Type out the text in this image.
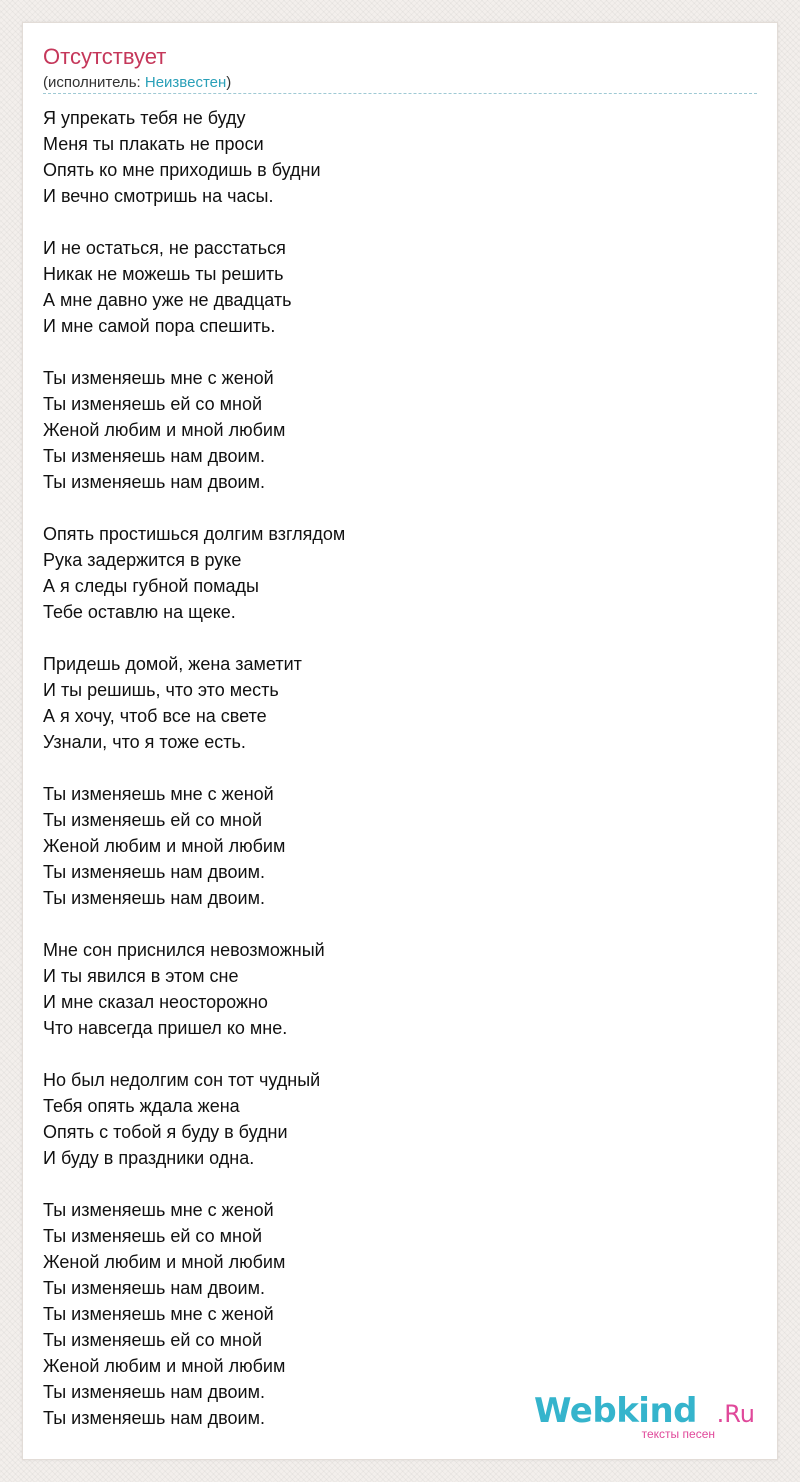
Отсутствует
(исполнитель: Неизвестен)
Я упрекать тебя не буду
Меня ты плакать не проси
Опять ко мне приходишь в будни
И вечно смотришь на часы.
И не остаться, не расстаться
Никак не можешь ты решить
А мне давно уже не двадцать
И мне самой пора спешить.
Ты изменяешь мне с женой
Ты изменяешь ей со мной
Женой любим и мной любим
Ты изменяешь нам двоим.
Ты изменяешь нам двоим.
Опять простишься долгим взглядом
Рука задержится в руке
А я следы губной помады
Тебе оставлю на щеке.
Придешь домой, жена заметит
И ты решишь, что это месть
А я хочу, чтоб все на свете
Узнали, что я тоже есть.
Ты изменяешь мне с женой
Ты изменяешь ей со мной
Женой любим и мной любим
Ты изменяешь нам двоим.
Ты изменяешь нам двоим.
Мне сон приснился невозможный
И ты явился в этом сне
И мне сказал неосторожно
Что навсегда пришел ко мне.
Но был недолгим сон тот чудный
Тебя опять ждала жена
Опять с тобой я буду в будни
И буду в праздники одна.
Ты изменяешь мне с женой
Ты изменяешь ей со мной
Женой любим и мной любим
Ты изменяешь нам двоим.
Ты изменяешь мне с женой
Ты изменяешь ей со мной
Женой любим и мной любим
Ты изменяешь нам двоим.
Ты изменяешь нам двоим.	Webkind .Ru
тексты песен
